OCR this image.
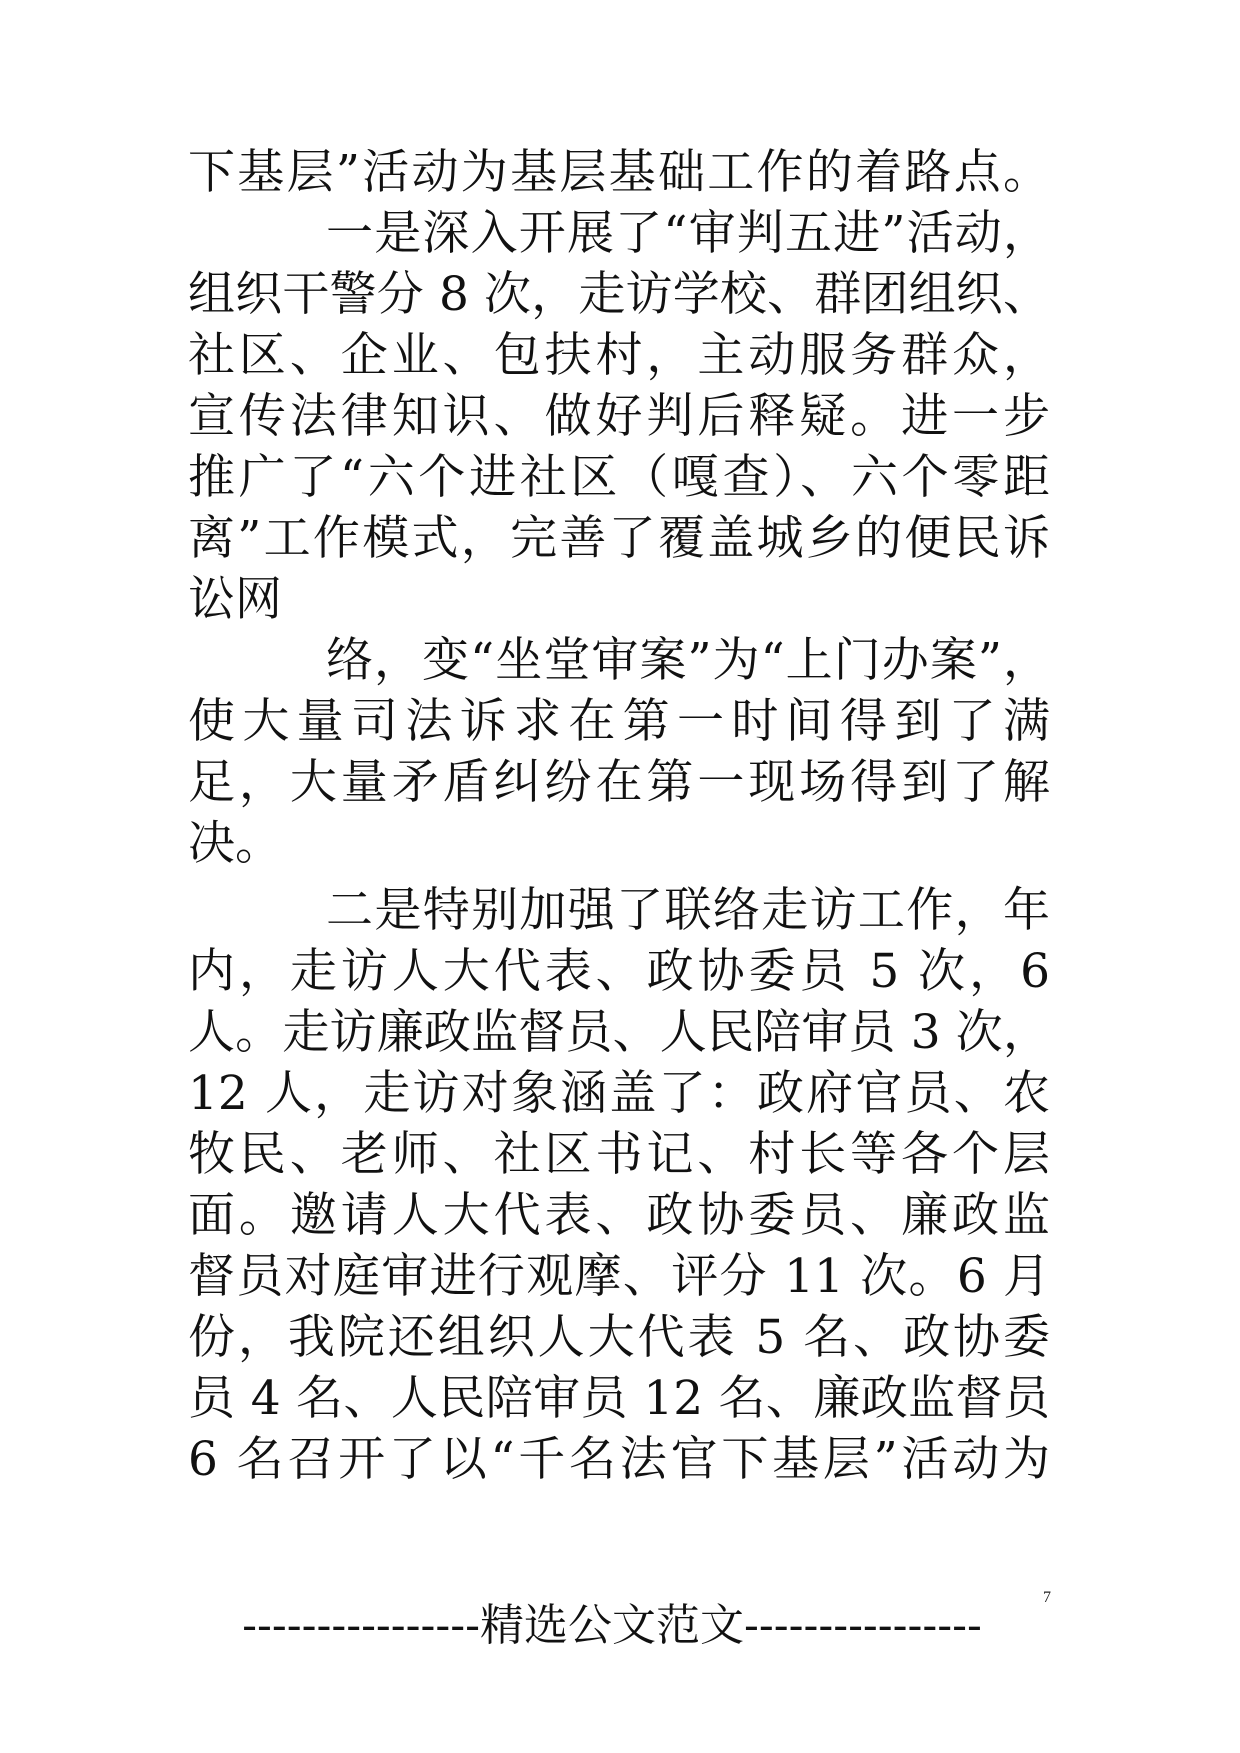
下基层”活动为基层基础工作的着路点。
一是深入开展了“审判五进”活动，
组织干警分 8 次，走访学校、群团组织、
社区、企业、包扶村，主动服务群众，
宣传法律知识、做好判后释疑。进一步
推广了“六个进社区（嘎查）、六个零距
离”工作模式，完善了覆盖城乡的便民诉
讼网
络，变“坐堂审案”为“上门办案”，
使大量司法诉求在第一时间得到了满
足，大量矛盾纠纷在第一现场得到了解
决。
二是特别加强了联络走访工作，年
内，走访人大代表、政协委员 5 次，6
人。走访廉政监督员、人民陪审员 3 次，
12 人，走访对象涵盖了：政府官员、农
牧民、老师、社区书记、村长等各个层
面。邀请人大代表、政协委员、廉政监
督员对庭审进行观摩、评分 11 次。6 月
份，我院还组织人大代表 5 名、政协委
员 4 名、人民陪审员 12 名、廉政监督员
6 名召开了以“千名法官下基层”活动为
7
----------------精选公文范文----------------
